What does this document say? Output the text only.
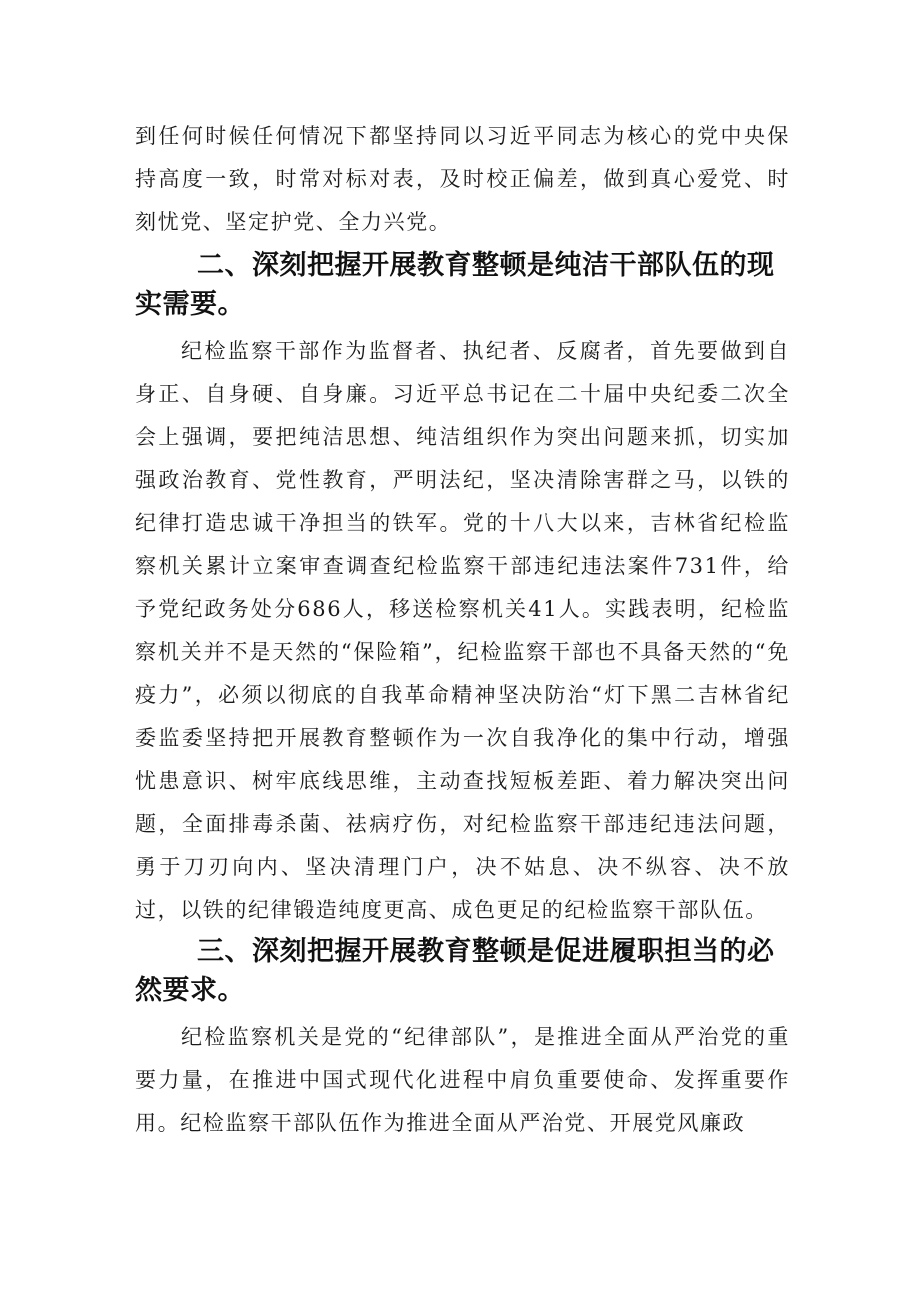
到任何时候任何情况下都坚持同以习近平同志为核心的党中央保持高度一致，时常对标对表，及时校正偏差，做到真心爱党、时刻忧党、坚定护党、全力兴党。

二、深刻把握开展教育整顿是纯洁干部队伍的现实需要。

纪检监察干部作为监督者、执纪者、反腐者，首先要做到自身正、自身硬、自身廉。习近平总书记在二十届中央纪委二次全会上强调，要把纯洁思想、纯洁组织作为突出问题来抓，切实加强政治教育、党性教育，严明法纪，坚决清除害群之马，以铁的纪律打造忠诚干净担当的铁军。党的十八大以来，吉林省纪检监察机关累计立案审查调查纪检监察干部违纪违法案件731件，给予党纪政务处分686人，移送检察机关41人。实践表明，纪检监察机关并不是天然的“保险箱”，纪检监察干部也不具备天然的“免疫力”，必须以彻底的自我革命精神坚决防治“灯下黑二吉林省纪委监委坚持把开展教育整顿作为一次自我净化的集中行动，增强忧患意识、树牢底线思维，主动查找短板差距、着力解决突出问题，全面排毒杀菌、祛病疗伤，对纪检监察干部违纪违法问题，勇于刀刃向内、坚决清理门户，决不姑息、决不纵容、决不放过，以铁的纪律锻造纯度更高、成色更足的纪检监察干部队伍。

三、深刻把握开展教育整顿是促进履职担当的必然要求。

纪检监察机关是党的“纪律部队”，是推进全面从严治党的重要力量，在推进中国式现代化进程中肩负重要使命、发挥重要作用。纪检监察干部队伍作为推进全面从严治党、开展党风廉政
